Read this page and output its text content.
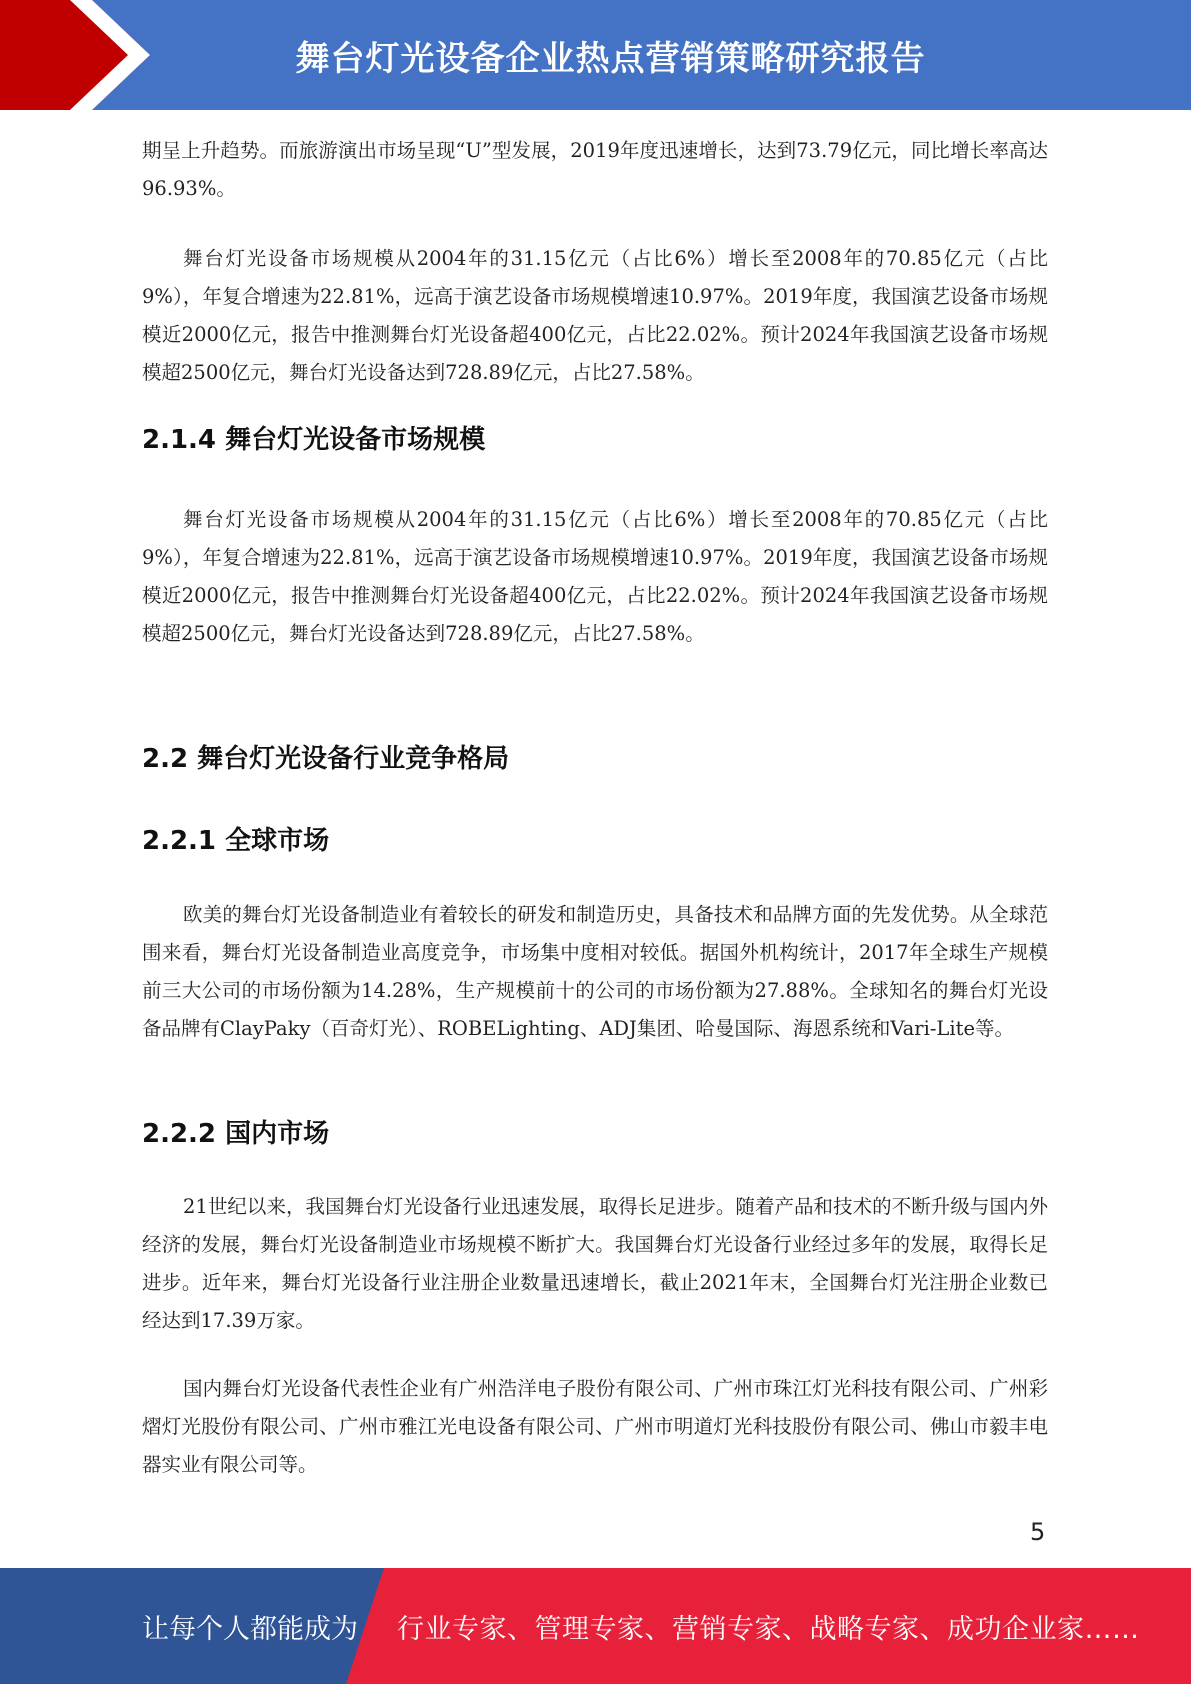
舞台灯光设备企业热点营销策略研究报告

期呈上升趋势。而旅游演出市场呈现“U”型发展，2019年度迅速增长，达到73.79亿元，同比增长率高达96.93%。

舞台灯光设备市场规模从2004年的31.15亿元（占比6%）增长至2008年的70.85亿元（占比9%），年复合增速为22.81%，远高于演艺设备市场规模增速10.97%。2019年度，我国演艺设备市场规模近2000亿元，报告中推测舞台灯光设备超400亿元，占比22.02%。预计2024年我国演艺设备市场规模超2500亿元，舞台灯光设备达到728.89亿元，占比27.58%。

2.1.4 舞台灯光设备市场规模

舞台灯光设备市场规模从2004年的31.15亿元（占比6%）增长至2008年的70.85亿元（占比9%），年复合增速为22.81%，远高于演艺设备市场规模增速10.97%。2019年度，我国演艺设备市场规模近2000亿元，报告中推测舞台灯光设备超400亿元，占比22.02%。预计2024年我国演艺设备市场规模超2500亿元，舞台灯光设备达到728.89亿元，占比27.58%。

2.2 舞台灯光设备行业竞争格局
2.2.1 全球市场

欧美的舞台灯光设备制造业有着较长的研发和制造历史，具备技术和品牌方面的先发优势。从全球范围来看，舞台灯光设备制造业高度竞争，市场集中度相对较低。据国外机构统计，2017年全球生产规模前三大公司的市场份额为14.28%，生产规模前十的公司的市场份额为27.88%。全球知名的舞台灯光设备品牌有ClayPaky（百奇灯光）、ROBELighting、ADJ集团、哈曼国际、海恩系统和Vari-Lite等。

2.2.2 国内市场

21世纪以来，我国舞台灯光设备行业迅速发展，取得长足进步。随着产品和技术的不断升级与国内外经济的发展，舞台灯光设备制造业市场规模不断扩大。我国舞台灯光设备行业经过多年的发展，取得长足进步。近年来，舞台灯光设备行业注册企业数量迅速增长，截止2021年末，全国舞台灯光注册企业数已经达到17.39万家。

国内舞台灯光设备代表性企业有广州浩洋电子股份有限公司、广州市珠江灯光科技有限公司、广州彩熠灯光股份有限公司、广州市雅江光电设备有限公司、广州市明道灯光科技股份有限公司、佛山市毅丰电器实业有限公司等。

5
让每个人都能成为 行业专家、管理专家、营销专家、战略专家、成功企业家……
